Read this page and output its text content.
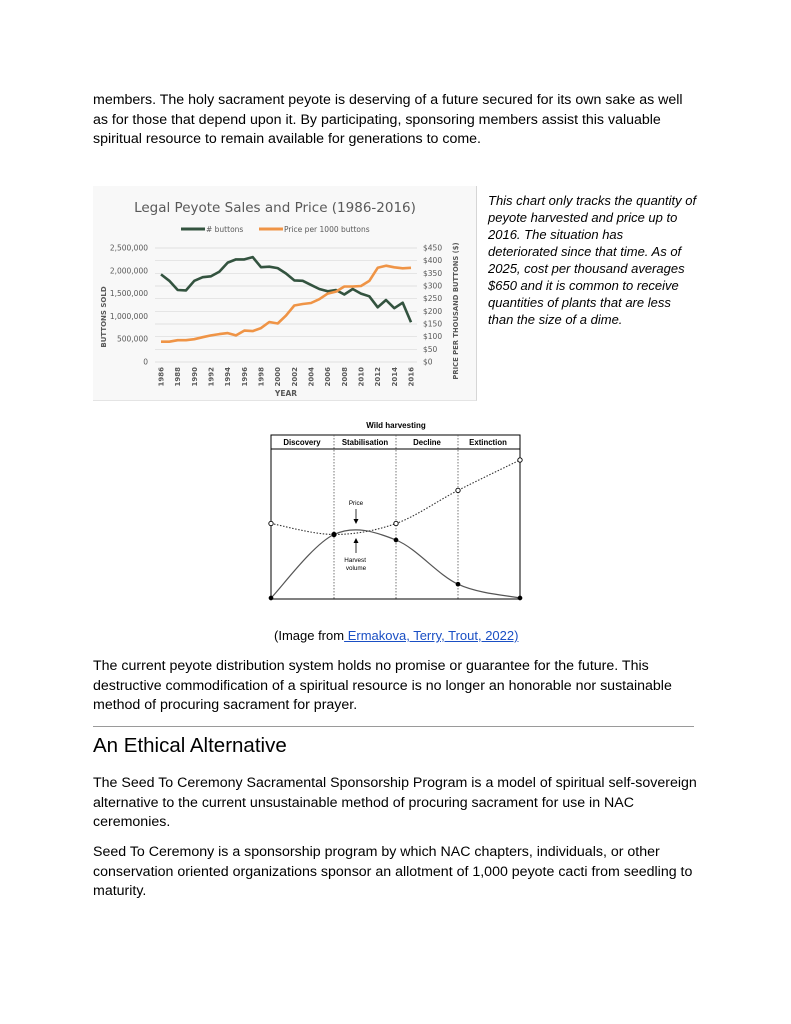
members. The holy sacrament peyote is deserving of a future secured for its own sake as well
as for those that depend upon it. By participating, sponsoring members assist this valuable
spiritual resource to remain available for generations to come.

Legal Peyote Sales and Price (1986-2016)
# buttons	Price per 1000 buttons
0
500,000
1,000,000
1,500,000
2,000,000
2,500,000
$0
$50
$100
$150
$200
$250
$300
$350
$400
$450
1986 1988 1990 1992 1994 1996 1998 2000 2002 2004 2006 2008 2010 2012 2014 2016
BUTTONS SOLD	PRICE PER THOUSAND BUTTONS ($)
YEAR
This chart only tracks the quantity of
peyote harvested and price up to
2016. The situation has
deteriorated since that time. As of
2025, cost per thousand averages
$650 and it is common to receive
quantities of plants that are less
than the size of a dime.
Wild harvesting
Discovery	Stabilisation	Decline	Extinction
Price
Harvest volume
(Image from Ermakova, Terry, Trout, 2022)

The current peyote distribution system holds no promise or guarantee for the future. This
destructive commodification of a spiritual resource is no longer an honorable nor sustainable
method of procuring sacrament for prayer.

An Ethical Alternative

The Seed To Ceremony Sacramental Sponsorship Program is a model of spiritual self-sovereign
alternative to the current unsustainable method of procuring sacrament for use in NAC
ceremonies.

Seed To Ceremony is a sponsorship program by which NAC chapters, individuals, or other
conservation oriented organizations sponsor an allotment of 1,000 peyote cacti from seedling to
maturity.
